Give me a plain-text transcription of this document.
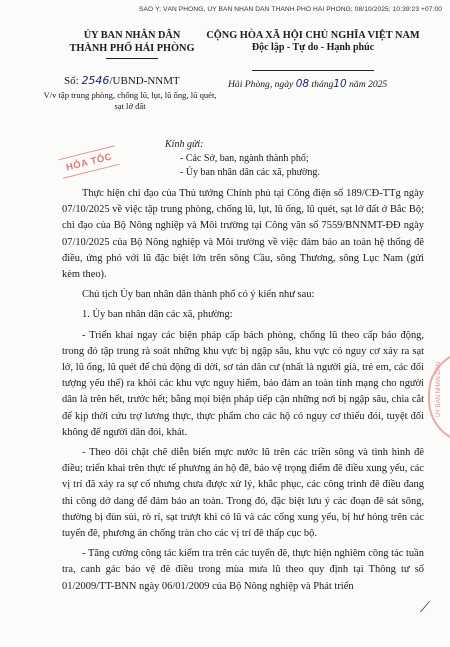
SAO Y; VĂN PHÒNG, ỦY BAN NHÂN DÂN THÀNH PHỐ HẢI PHÒNG; 08/10/2025; 10:39:23 +07:00
ỦY BAN NHÂN DÂN
THÀNH PHỐ HẢI PHÒNG
CỘNG HÒA XÃ HỘI CHỦ NGHĨA VIỆT NAM
Độc lập - Tự do - Hạnh phúc
Số: 2546/UBND-NNMT
V/v tập trung phòng, chống lũ, lụt, lũ ống, lũ quét, sạt lở đất
Hải Phòng, ngày 08 tháng10 năm 2025
HỎA TỐC
Kính gửi:
- Các Sở, ban, ngành thành phố;
- Ủy ban nhân dân các xã, phường.

Thực hiện chỉ đạo của Thủ tướng Chính phủ tại Công điện số 189/CĐ-TTg ngày 07/10/2025 về việc tập trung phòng, chống lũ, lụt, lũ ống, lũ quét, sạt lở đất ở Bắc Bộ; chỉ đạo của Bộ Nông nghiệp và Môi trường tại Công văn số 7559/BNNMT-ĐĐ ngày 07/10/2025 của Bộ Nông nghiệp và Môi trường về việc đảm bảo an toàn hệ thống đê điều, ứng phó với lũ đặc biệt lớn trên sông Cầu, sông Thương, sông Lục Nam (gửi kèm theo).

Chủ tịch Ủy ban nhân dân thành phố có ý kiến như sau:

1. Ủy ban nhân dân các xã, phường:

- Triển khai ngay các biện pháp cấp bách phòng, chống lũ theo cấp báo động, trong đó tập trung rà soát những khu vực bị ngập sâu, khu vực có nguy cơ xảy ra sạt lở, lũ ống, lũ quét để chủ động di dời, sơ tán dân cư (nhất là người già, trẻ em, các đối tượng yếu thế) ra khỏi các khu vực nguy hiểm, bảo đảm an toàn tính mạng cho người dân là trên hết, trước hết; bằng mọi biện pháp tiếp cận những nơi bị ngập sâu, chia cắt để kịp thời cứu trợ lương thực, thực phẩm cho các hộ có nguy cơ thiếu đói, tuyệt đối không để người dân đói, khát.

- Theo dõi chặt chẽ diễn biến mực nước lũ trên các triền sông và tình hình đê điều; triển khai trên thực tế phương án hộ đê, bảo vệ trọng điểm đê điều xung yếu, các vị trí đã xảy ra sự cố nhưng chưa được xử lý, khắc phục, các công trình đê điều đang thi công dở dang để đảm bảo an toàn. Trong đó, đặc biệt lưu ý các đoạn đê sát sông, thường bị đùn sủi, rò rỉ, sạt trượt khi có lũ và các cống xung yếu, bị hư hỏng trên các tuyến đê, phương án chống tràn cho các vị trí đê thấp cục bộ.

- Tăng cường công tác kiểm tra trên các tuyến đê, thực hiện nghiêm công tác tuần tra, canh gác bảo vệ đê điều trong mùa mưa lũ theo quy định tại Thông tư số 01/2009/TT-BNN ngày 06/01/2009 của Bộ Nông nghiệp và Phát triển

ỦY BAN NHÂN DÂN
⟋
